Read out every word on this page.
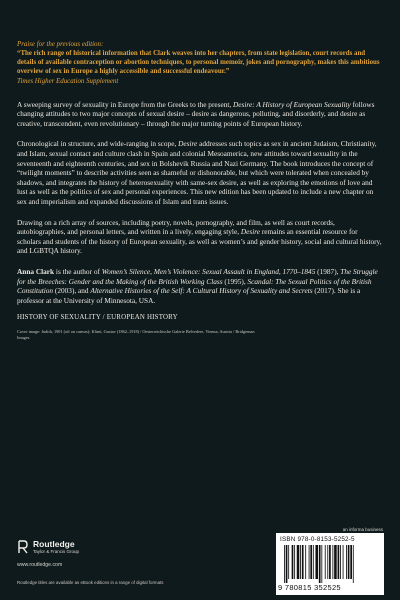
Praise for the previous edition:
“The rich range of historical information that Clark weaves into her chapters, from state legislation, court records and details of available contraception or abortion techniques, to personal memoir, jokes and pornography, makes this ambitious overview of sex in Europe a highly accessible and successful endeavour.”
Times Higher Education Supplement

A sweeping survey of sexuality in Europe from the Greeks to the present, Desire: A History of European Sexuality follows changing attitudes to two major concepts of sexual desire – desire as dangerous, polluting, and disorderly, and desire as creative, transcendent, even revolutionary – through the major turning points of European history.

Chronological in structure, and wide-ranging in scope, Desire addresses such topics as sex in ancient Judaism, Christianity, and Islam, sexual contact and culture clash in Spain and colonial Mesoamerica, new attitudes toward sexuality in the seventeenth and eighteenth centuries, and sex in Bolshevik Russia and Nazi Germany. The book introduces the concept of “twilight moments” to describe activities seen as shameful or dishonorable, but which were tolerated when concealed by shadows, and integrates the history of heterosexuality with same-sex desire, as well as exploring the emotions of love and lust as well as the politics of sex and personal experiences. This new edition has been updated to include a new chapter on sex and imperialism and expanded discussions of Islam and trans issues.

Drawing on a rich array of sources, including poetry, novels, pornography, and film, as well as court records, autobiographies, and personal letters, and written in a lively, engaging style, Desire remains an essential resource for scholars and students of the history of European sexuality, as well as women’s and gender history, social and cultural history, and LGBTQA history.

Anna Clark is the author of Women’s Silence, Men’s Violence: Sexual Assault in England, 1770–1845 (1987), The Struggle for the Breeches: Gender and the Making of the British Working Class (1995), Scandal: The Sexual Politics of the British Constitution (2003), and Alternative Histories of the Self: A Cultural History of Sexuality and Secrets (2017). She is a professor at the University of Minnesota, USA.

HISTORY OF SEXUALITY / EUROPEAN HISTORY
Cover image: Judith, 1901 (oil on canvas); Klimt, Gustav (1862–1918) / Oesterreichische Galerie Belvedere, Vienna, Austria / Bridgeman Images
an informa business
Routledge
Taylor & Francis Group
www.routledge.com
Routledge titles are available as eBook editions in a range of digital formats
ISBN 978-0-8153-5252-5
9 780815 352525
